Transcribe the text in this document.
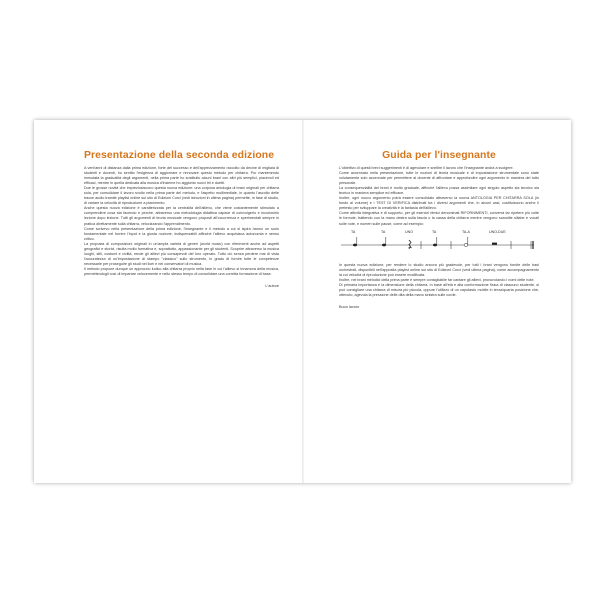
Presentazione della seconda edizione

A vent'anni di distanza dalla prima edizione, forte del successo e dell'apprezzamento raccolto da decine di migliaia di studenti e docenti, ho sentito l'esigenza di aggiornare e rinnovare questo metodo per chitarra. Pur mantenendo immutata la gradualità degli argomenti, nella prima parte ho sostituito alcuni brani con altri più semplici, piacevoli ed efficaci, mentre in quella dedicata alla musica d'insieme ho aggiunto nuovi trii e duetti.

Due le grosse novità che impreziosiscono questa nuova edizione: una corposa antologia di brani originali per chitarra sola, per consolidare il lavoro svolto nella prima parte del metodo, e l'aspetto multimediale, in quanto l'ascolto delle tracce audio tramite playlist online sul sito di Edizioni Curci (vedi istruzioni in ultima pagina) permette, in fase di studio, di variare la velocità di riproduzione a piacimento.

Anche questa nuova edizione è caratterizzata per la centralità dell'allievo, che viene costantemente stimolato a comprendere cosa sta facendo e perché, attraverso una metodologia didattica capace di coinvolgerlo e incuriosirlo lezione dopo lezione. Tutti gli argomenti di teoria musicale vengono proposti all'occorrenza e sperimentati sempre in pratica direttamente sulla chitarra, velocizzando l'apprendimento.

Come scrivevo nella presentazione della prima edizione, l'insegnante e il metodo a cui si ispira hanno un ruolo fondamentale nel fornire l'input e la giusta nozione, indispensabili affinché l'allievo acquisisca autonomia e senso critico.

La proposta di composizioni originali in un'ampia varietà di generi (world music) con riferimenti anche ad aspetti geografici e storici, risulta molto formativa e, soprattutto, appassionante per gli studenti. Scoprire attraverso la musica luoghi, stili, costumi e civiltà, rende gli allievi più consapevoli del loro operato. Tutto ciò senza perdere mai di vista l'accuratezza di un'impostazione di stampo "classico" sullo strumento, in grado di fornire tutte le competenze necessarie per proseguire gli studi nei licei e nei conservatori di musica.

Il metodo propone dunque un approccio ludico alla chitarra proprio nella fase in cui l'allievo si innamora della musica, permettendogli così di imparare velocemente e nello stesso tempo di consolidare una corretta formazione di base.

L'autore
Guida per l'insegnante

L'obiettivo di questi brevi suggerimenti è di agevolare e snellire il lavoro che l'insegnante andrà a svolgere.

Come accennato nella presentazione, tutte le nozioni di teoria musicale e di impostazione strumentale sono state volutamente solo accennate per permettere al docente di affrontare e approfondire ogni argomento in maniera del tutto personale.

La consequenzialità dei brani è molto graduale, affinché l'allievo possa assimilare ogni singolo aspetto sia tecnico sia teorico in maniera semplice ed efficace.

Inoltre, ogni nuovo argomento potrà essere consolidato attraverso la nuova ANTOLOGIA PER CHITARRA SOLA (in fondo al volume) e i TEST DI VERIFICA distribuiti tra i diversi argomenti che, in alcuni casi, costituiscono anche il pretesto per sviluppare la creatività e la fantasia dell'allievo.

Come attività integrativa e di supporto, per gli esercizi ritmici denominati RIFORNIMENTI, converrà far ripetere più volte le formule, battendo con la mano destra sulla fascia o la cassa della chitarra mentre vengono scandite sillabe e vocali sulle note, e numeri sulle pause, come ad esempio:

TA	TA	UNO	TA	TA-A	UNO-DUE

In questa nuova edizione, per rendere lo studio ancora più gradevole, per tutti i brani vengono fornite delle basi orchestrali, disponibili nell'apposita playlist online sul sito di Edizioni Curci (vedi ultima pagina), come accompagnamento la cui velocità di riproduzione può essere modificata.

Inoltre, nei brani melodici della prima parte è sempre consigliabile far cantare gli allievi, pronunciando i nomi delle note.

Di primaria importanza è la dimensione della chitarra. In base all'età e alla conformazione fisica di ciascuno studente, si può consigliare una chitarra di misura più piccola, oppure l'utilizzo di un capotasto mobile in terza/quarta posizione che, ottenuto, agevola la pressione delle dita della mano sinistra sulle corde.

Buon lavoro
